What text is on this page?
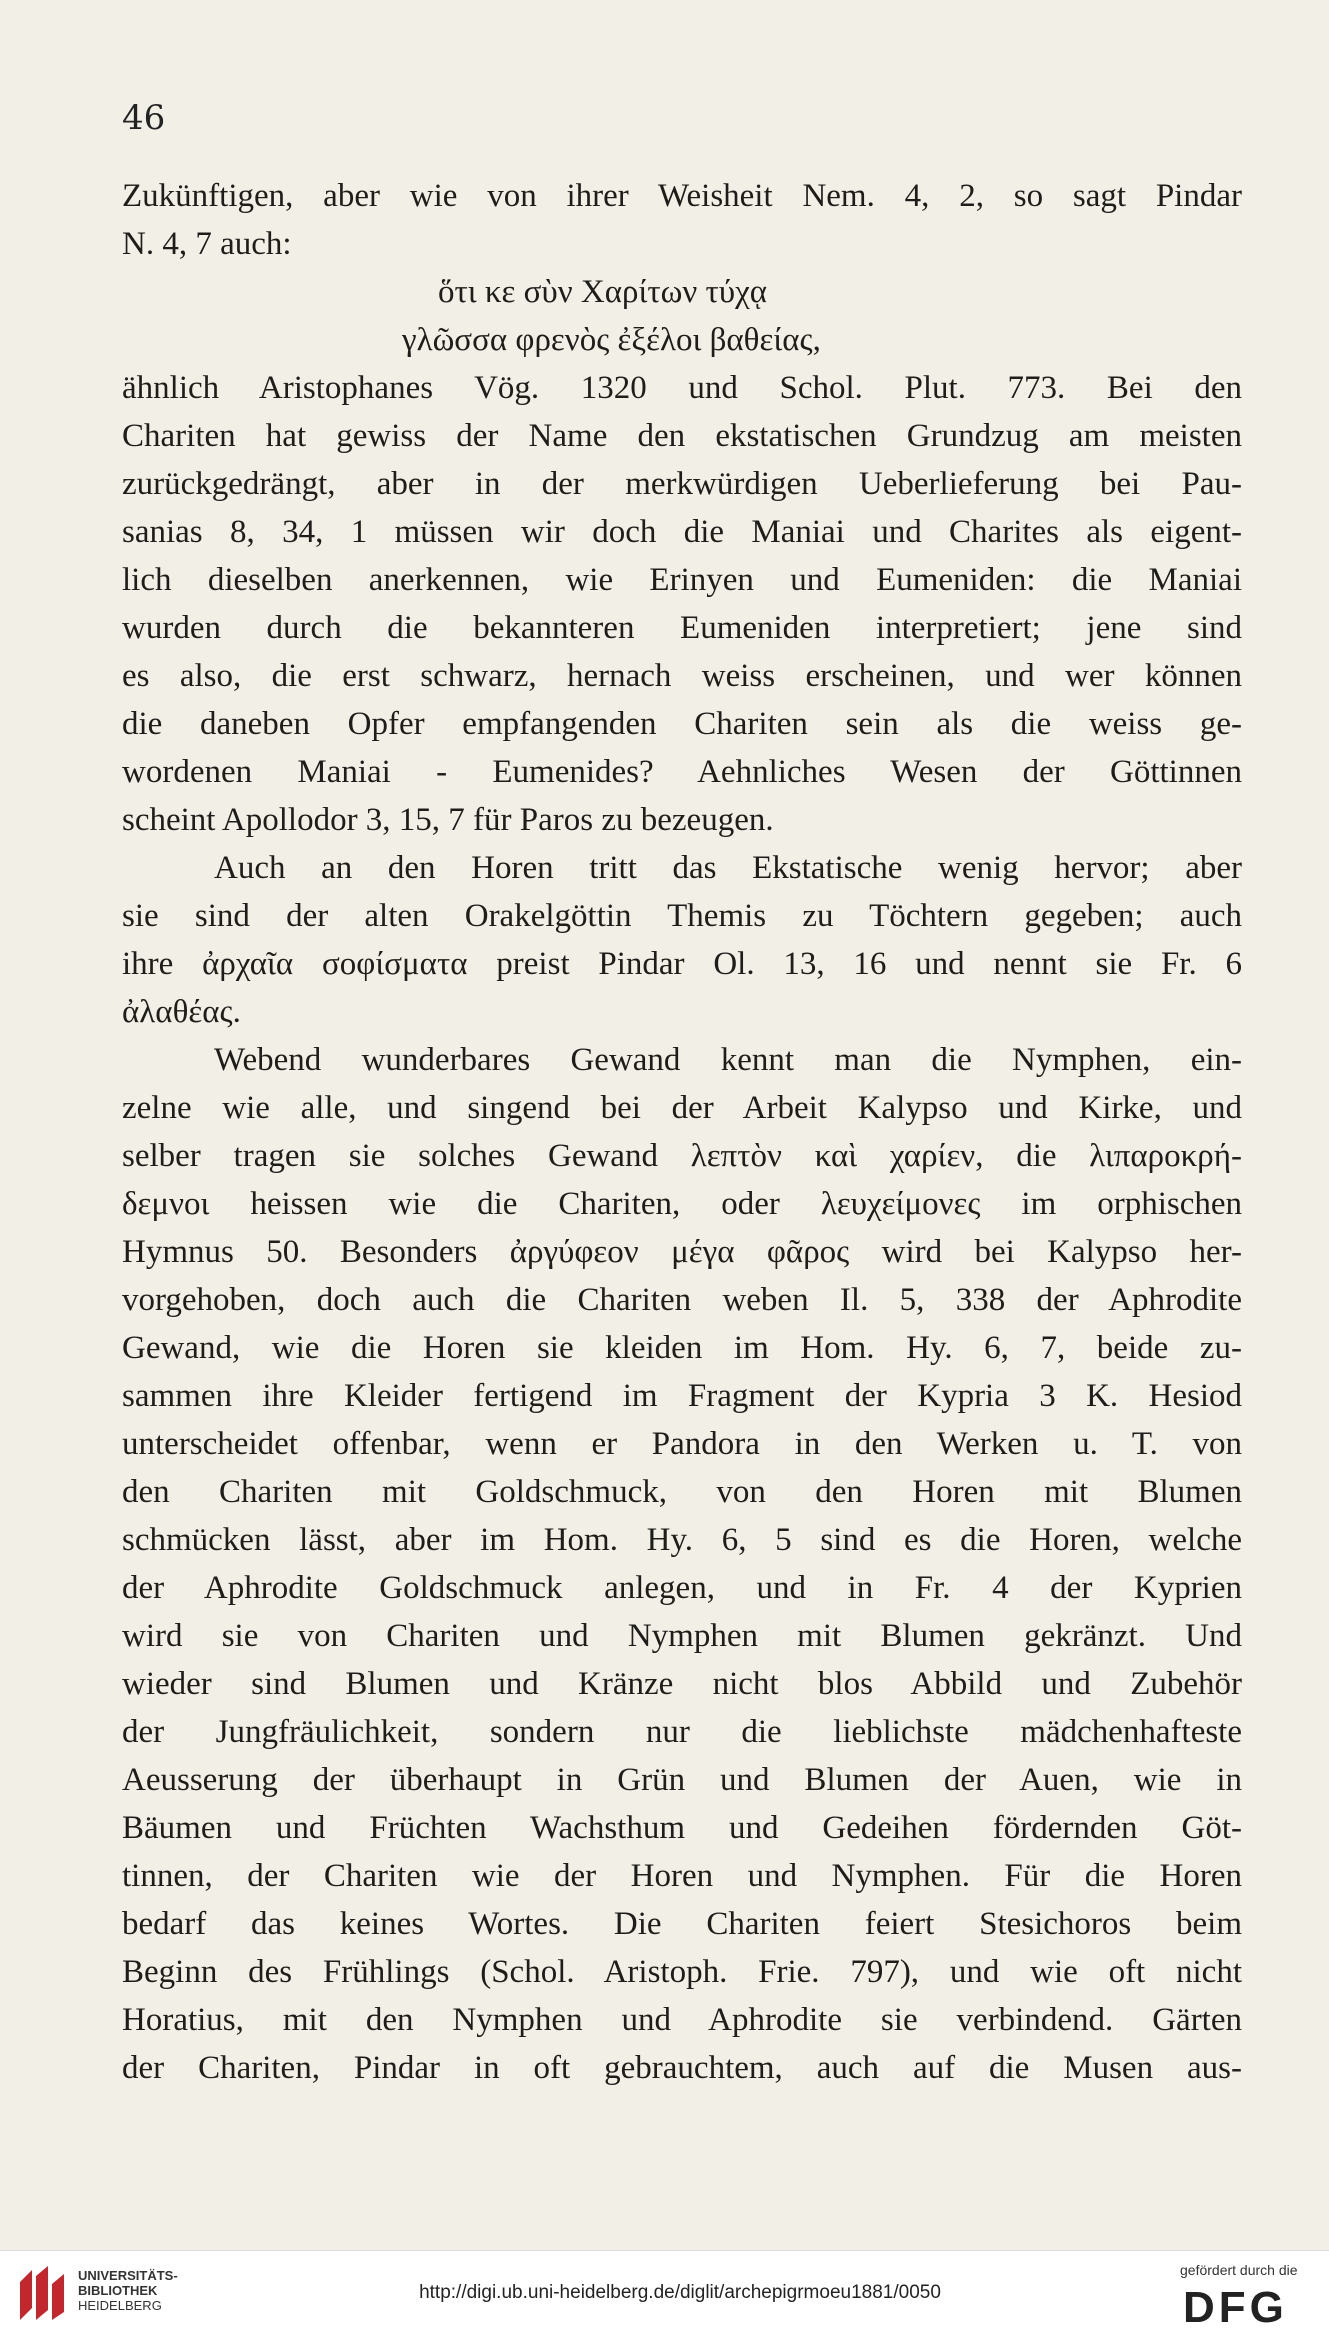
46
Zukünftigen, aber wie von ihrer Weisheit Nem. 4, 2, so sagt Pindar
N. 4, 7 auch:
ὅτι κε σὺν Χαρίτων τύχᾳ
γλῶσσα φρενὸς ἐξέλοι βαθείας,
ähnlich Aristophanes Vög. 1320 und Schol. Plut. 773. Bei den
Chariten hat gewiss der Name den ekstatischen Grundzug am meisten
zurückgedrängt, aber in der merkwürdigen Ueberlieferung bei Pau-
sanias 8, 34, 1 müssen wir doch die Maniai und Charites als eigent-
lich dieselben anerkennen, wie Erinyen und Eumeniden: die Maniai
wurden durch die bekannteren Eumeniden interpretiert; jene sind
es also, die erst schwarz, hernach weiss erscheinen, und wer können
die daneben Opfer empfangenden Chariten sein als die weiss ge-
wordenen Maniai - Eumenides? Aehnliches Wesen der Göttinnen
scheint Apollodor 3, 15, 7 für Paros zu bezeugen.
Auch an den Horen tritt das Ekstatische wenig hervor; aber
sie sind der alten Orakelgöttin Themis zu Töchtern gegeben; auch
ihre ἀρχαῖα σοφίσματα preist Pindar Ol. 13, 16 und nennt sie Fr. 6
ἀλαθέας.
Webend wunderbares Gewand kennt man die Nymphen, ein-
zelne wie alle, und singend bei der Arbeit Kalypso und Kirke, und
selber tragen sie solches Gewand λεπτὸν καὶ χαρίεν, die λιπαροκρή-
δεμνοι heissen wie die Chariten, oder λευχείμονες im orphischen
Hymnus 50. Besonders ἀργύφεον μέγα φᾶρος wird bei Kalypso her-
vorgehoben, doch auch die Chariten weben Il. 5, 338 der Aphrodite
Gewand, wie die Horen sie kleiden im Hom. Hy. 6, 7, beide zu-
sammen ihre Kleider fertigend im Fragment der Kypria 3 K. Hesiod
unterscheidet offenbar, wenn er Pandora in den Werken u. T. von
den Chariten mit Goldschmuck, von den Horen mit Blumen
schmücken lässt, aber im Hom. Hy. 6, 5 sind es die Horen, welche
der Aphrodite Goldschmuck anlegen, und in Fr. 4 der Kyprien
wird sie von Chariten und Nymphen mit Blumen gekränzt. Und
wieder sind Blumen und Kränze nicht blos Abbild und Zubehör
der Jungfräulichkeit, sondern nur die lieblichste mädchenhafteste
Aeusserung der überhaupt in Grün und Blumen der Auen, wie in
Bäumen und Früchten Wachsthum und Gedeihen fördernden Göt-
tinnen, der Chariten wie der Horen und Nymphen. Für die Horen
bedarf das keines Wortes. Die Chariten feiert Stesichoros beim
Beginn des Frühlings (Schol. Aristoph. Frie. 797), und wie oft nicht
Horatius, mit den Nymphen und Aphrodite sie verbindend. Gärten
der Chariten, Pindar in oft gebrauchtem, auch auf die Musen aus-
UNIVERSITÄTS-
BIBLIOTHEK
HEIDELBERG
http://digi.ub.uni-heidelberg.de/diglit/archepigrmoeu1881/0050
gefördert durch die
DFG
